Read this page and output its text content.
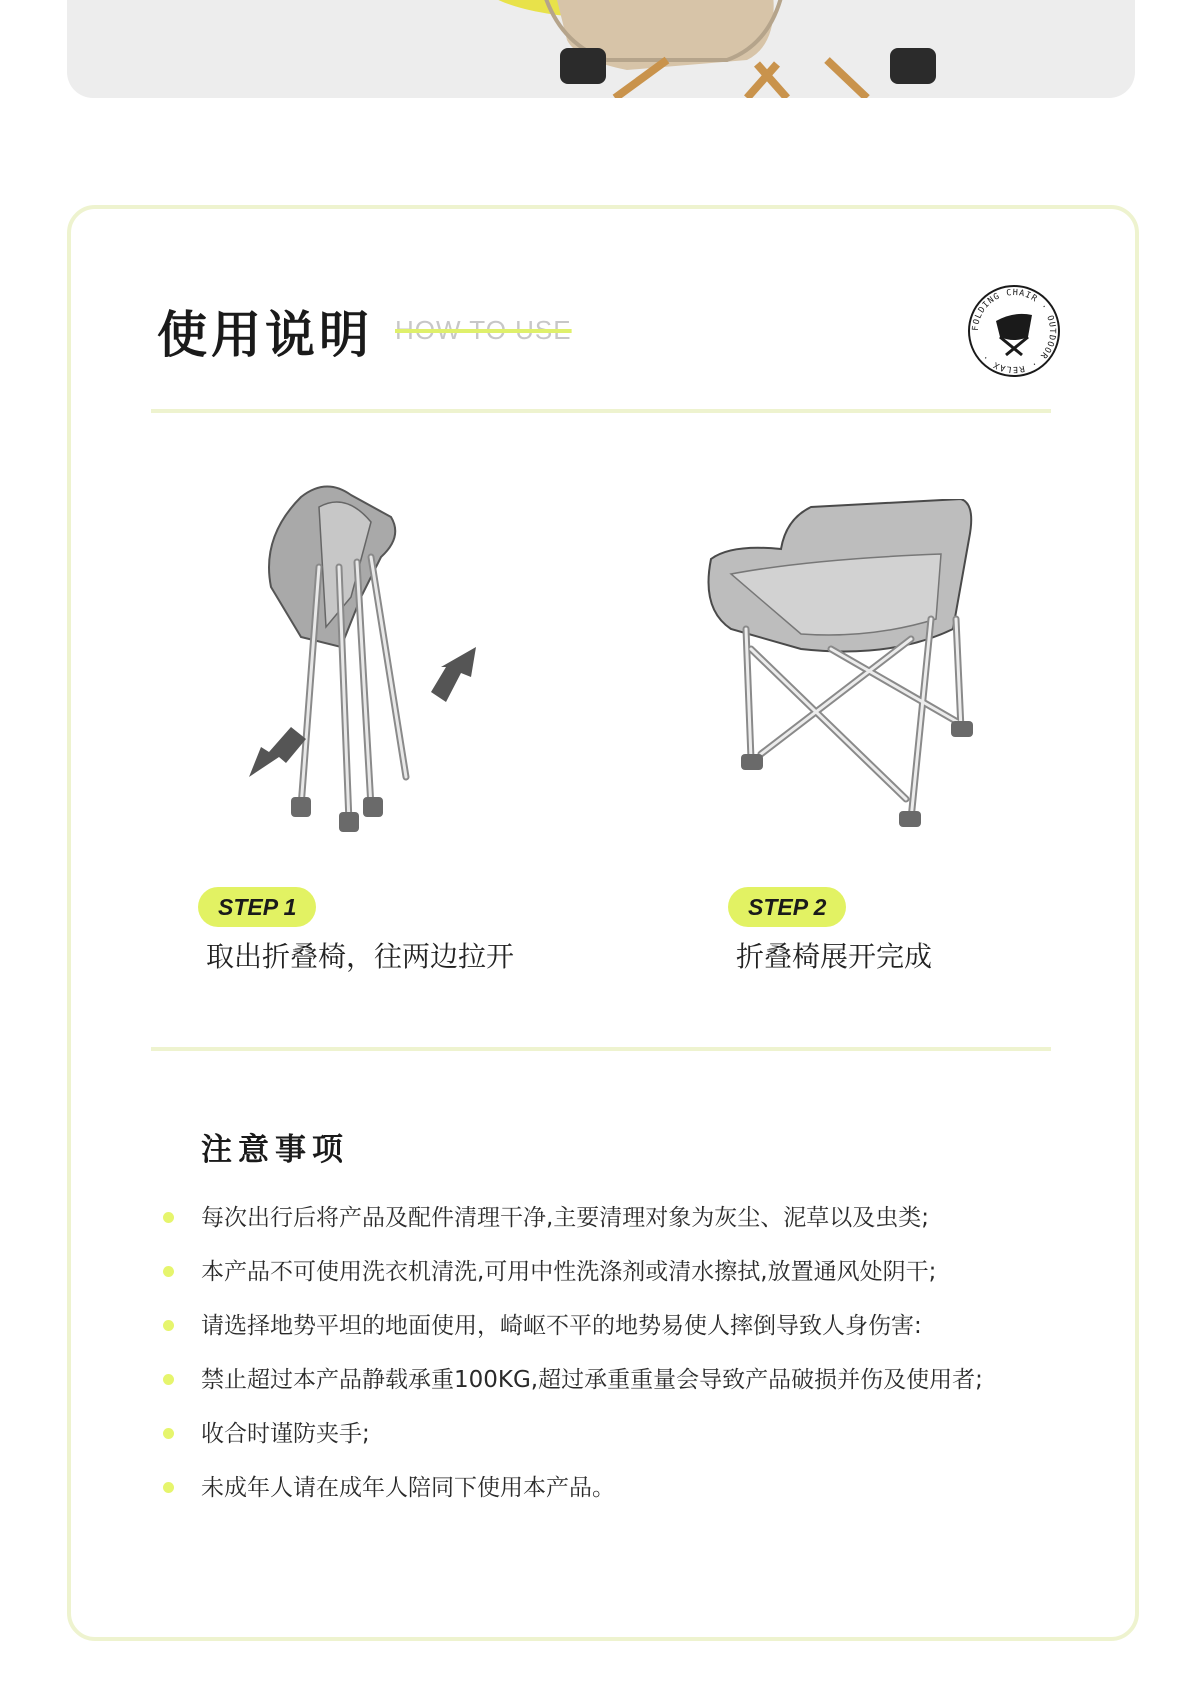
使用说明 HOW TO USE	FOLDING CHAIR · OUTDOOR · RELAX ·
STEP 1
取出折叠椅，往两边拉开
STEP 2
折叠椅展开完成
注意事项
每次出行后将产品及配件清理干净,主要清理对象为灰尘、泥草以及虫类;
本产品不可使用洗衣机清洗,可用中性洗涤剂或清水擦拭,放置通风处阴干;
请选择地势平坦的地面使用，崎岖不平的地势易使人摔倒导致人身伤害:
禁止超过本产品静载承重100KG,超过承重重量会导致产品破损并伤及使用者;
收合时谨防夹手;
未成年人请在成年人陪同下使用本产品。
